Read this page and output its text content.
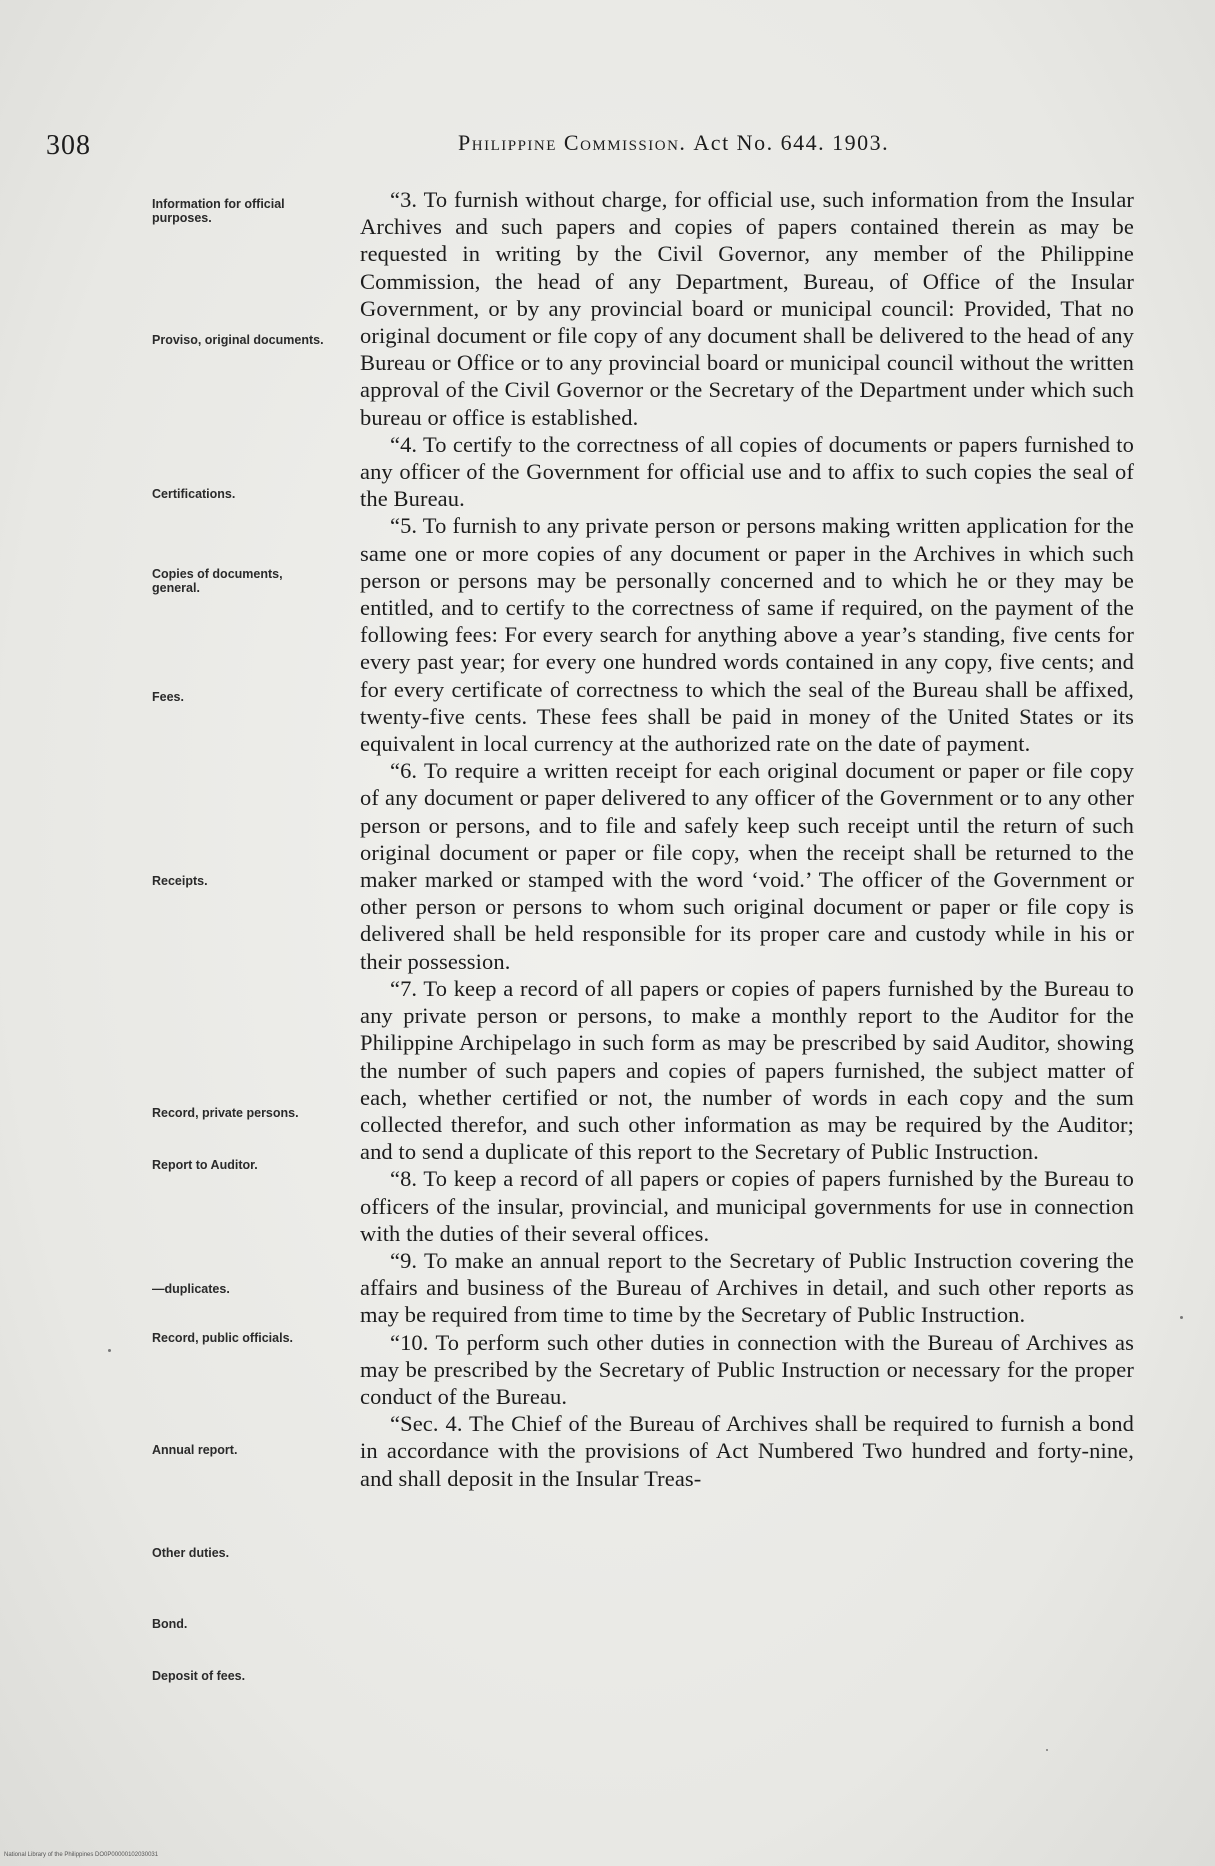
308	Philippine Commission. Act No. 644. 1903.
Information for official purposes.
Proviso, original documents.
Certifications.
Copies of documents, general.
Fees.
Receipts.
Record, private persons.
Report to Auditor.
—duplicates.
Record, public officials.
Annual report.
Other duties.
Bond.
Deposit of fees.

“3. To furnish without charge, for official use, such information from the Insular Archives and such papers and copies of papers contained therein as may be requested in writing by the Civil Governor, any member of the Philippine Commission, the head of any Department, Bureau, of Office of the Insular Government, or by any provincial board or municipal council: Provided, That no original document or file copy of any document shall be delivered to the head of any Bureau or Office or to any provincial board or municipal council without the written approval of the Civil Governor or the Secretary of the Department under which such bureau or office is established.

“4. To certify to the correctness of all copies of documents or papers furnished to any officer of the Government for official use and to affix to such copies the seal of the Bureau.

“5. To furnish to any private person or persons making written application for the same one or more copies of any document or paper in the Archives in which such person or persons may be personally concerned and to which he or they may be entitled, and to certify to the correctness of same if required, on the payment of the following fees: For every search for anything above a year’s standing, five cents for every past year; for every one hundred words contained in any copy, five cents; and for every certificate of correctness to which the seal of the Bureau shall be affixed, twenty-five cents. These fees shall be paid in money of the United States or its equivalent in local currency at the authorized rate on the date of payment.

“6. To require a written receipt for each original document or paper or file copy of any document or paper delivered to any officer of the Government or to any other person or persons, and to file and safely keep such receipt until the return of such original document or paper or file copy, when the receipt shall be returned to the maker marked or stamped with the word ‘void.’ The officer of the Government or other person or persons to whom such original document or paper or file copy is delivered shall be held responsible for its proper care and custody while in his or their possession.

“7. To keep a record of all papers or copies of papers furnished by the Bureau to any private person or persons, to make a monthly report to the Auditor for the Philippine Archipelago in such form as may be prescribed by said Auditor, showing the number of such papers and copies of papers furnished, the subject matter of each, whether certified or not, the number of words in each copy and the sum collected therefor, and such other information as may be required by the Auditor; and to send a duplicate of this report to the Secretary of Public Instruction.

“8. To keep a record of all papers or copies of papers furnished by the Bureau to officers of the insular, provincial, and municipal governments for use in connection with the duties of their several offices.

“9. To make an annual report to the Secretary of Public Instruction covering the affairs and business of the Bureau of Archives in detail, and such other reports as may be required from time to time by the Secretary of Public Instruction.

“10. To perform such other duties in connection with the Bureau of Archives as may be prescribed by the Secretary of Public Instruction or necessary for the proper conduct of the Bureau.

“Sec. 4. The Chief of the Bureau of Archives shall be required to furnish a bond in accordance with the provisions of Act Numbered Two hundred and forty-nine, and shall deposit in the Insular Treas-

National Library of the Philippines DO0P00000102030031
